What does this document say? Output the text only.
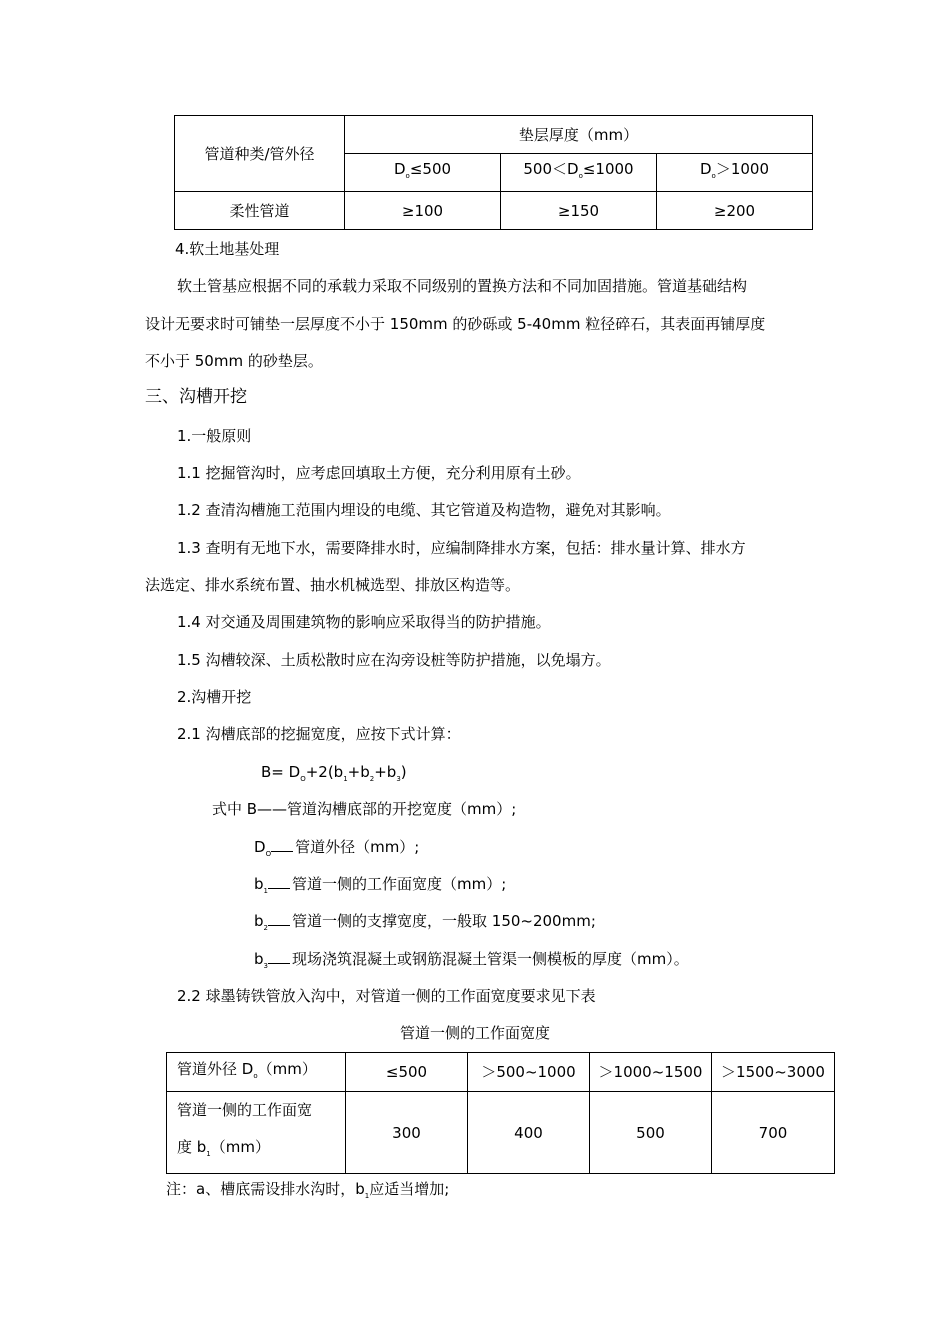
管道种类/管外径	垫层厚度（mm）		
	$D_o\le 500$	$500<D_o\le 1000$	$D_o>1000$
柔性管道	≥100	≥150	≥200
4.软土地基处理
软土管基应根据不同的承载力采取不同级别的置换方法和不同加固措施。管道基础结构
设计无要求时可铺垫一层厚度不小于 150mm 的砂砾或 5-40mm 粒径碎石，其表面再铺厚度
不小于 50mm 的砂垫层。
三、沟槽开挖
1.一般原则
1.1 挖掘管沟时，应考虑回填取土方便，充分利用原有土砂。
1.2 查清沟槽施工范围内埋设的电缆、其它管道及构造物，避免对其影响。
1.3 查明有无地下水，需要降排水时，应编制降排水方案，包括：排水量计算、排水方
法选定、排水系统布置、抽水机械选型、排放区构造等。
1.4 对交通及周围建筑物的影响应采取得当的防护措施。
1.5 沟槽较深、土质松散时应在沟旁设桩等防护措施，以免塌方。
2.沟槽开挖
2.1 沟槽底部的挖掘宽度，应按下式计算：
$B= D_O+2(b_1+b_2+b_3)$
式中 B——管道沟槽底部的开挖宽度（mm）;
$D_O$ 管道外径（mm）;
$b_1$ 管道一侧的工作面宽度（mm）;
$b_2$ 管道一侧的支撑宽度，一般取 150~200mm;
$b_3$ 现场浇筑混凝土或钢筋混凝土管渠一侧模板的厚度（mm）。
2.2 球墨铸铁管放入沟中，对管道一侧的工作面宽度要求见下表
管道一侧的工作面宽度
管道外径 $D_o(mm)$	≤500	＞500~1000	＞1000~1500	＞1500~3000

管道一侧的工作面宽
度 $b_1(mm)$	300	400	500	700
注：a、槽底需设排水沟时，$b_1$应适当增加;
